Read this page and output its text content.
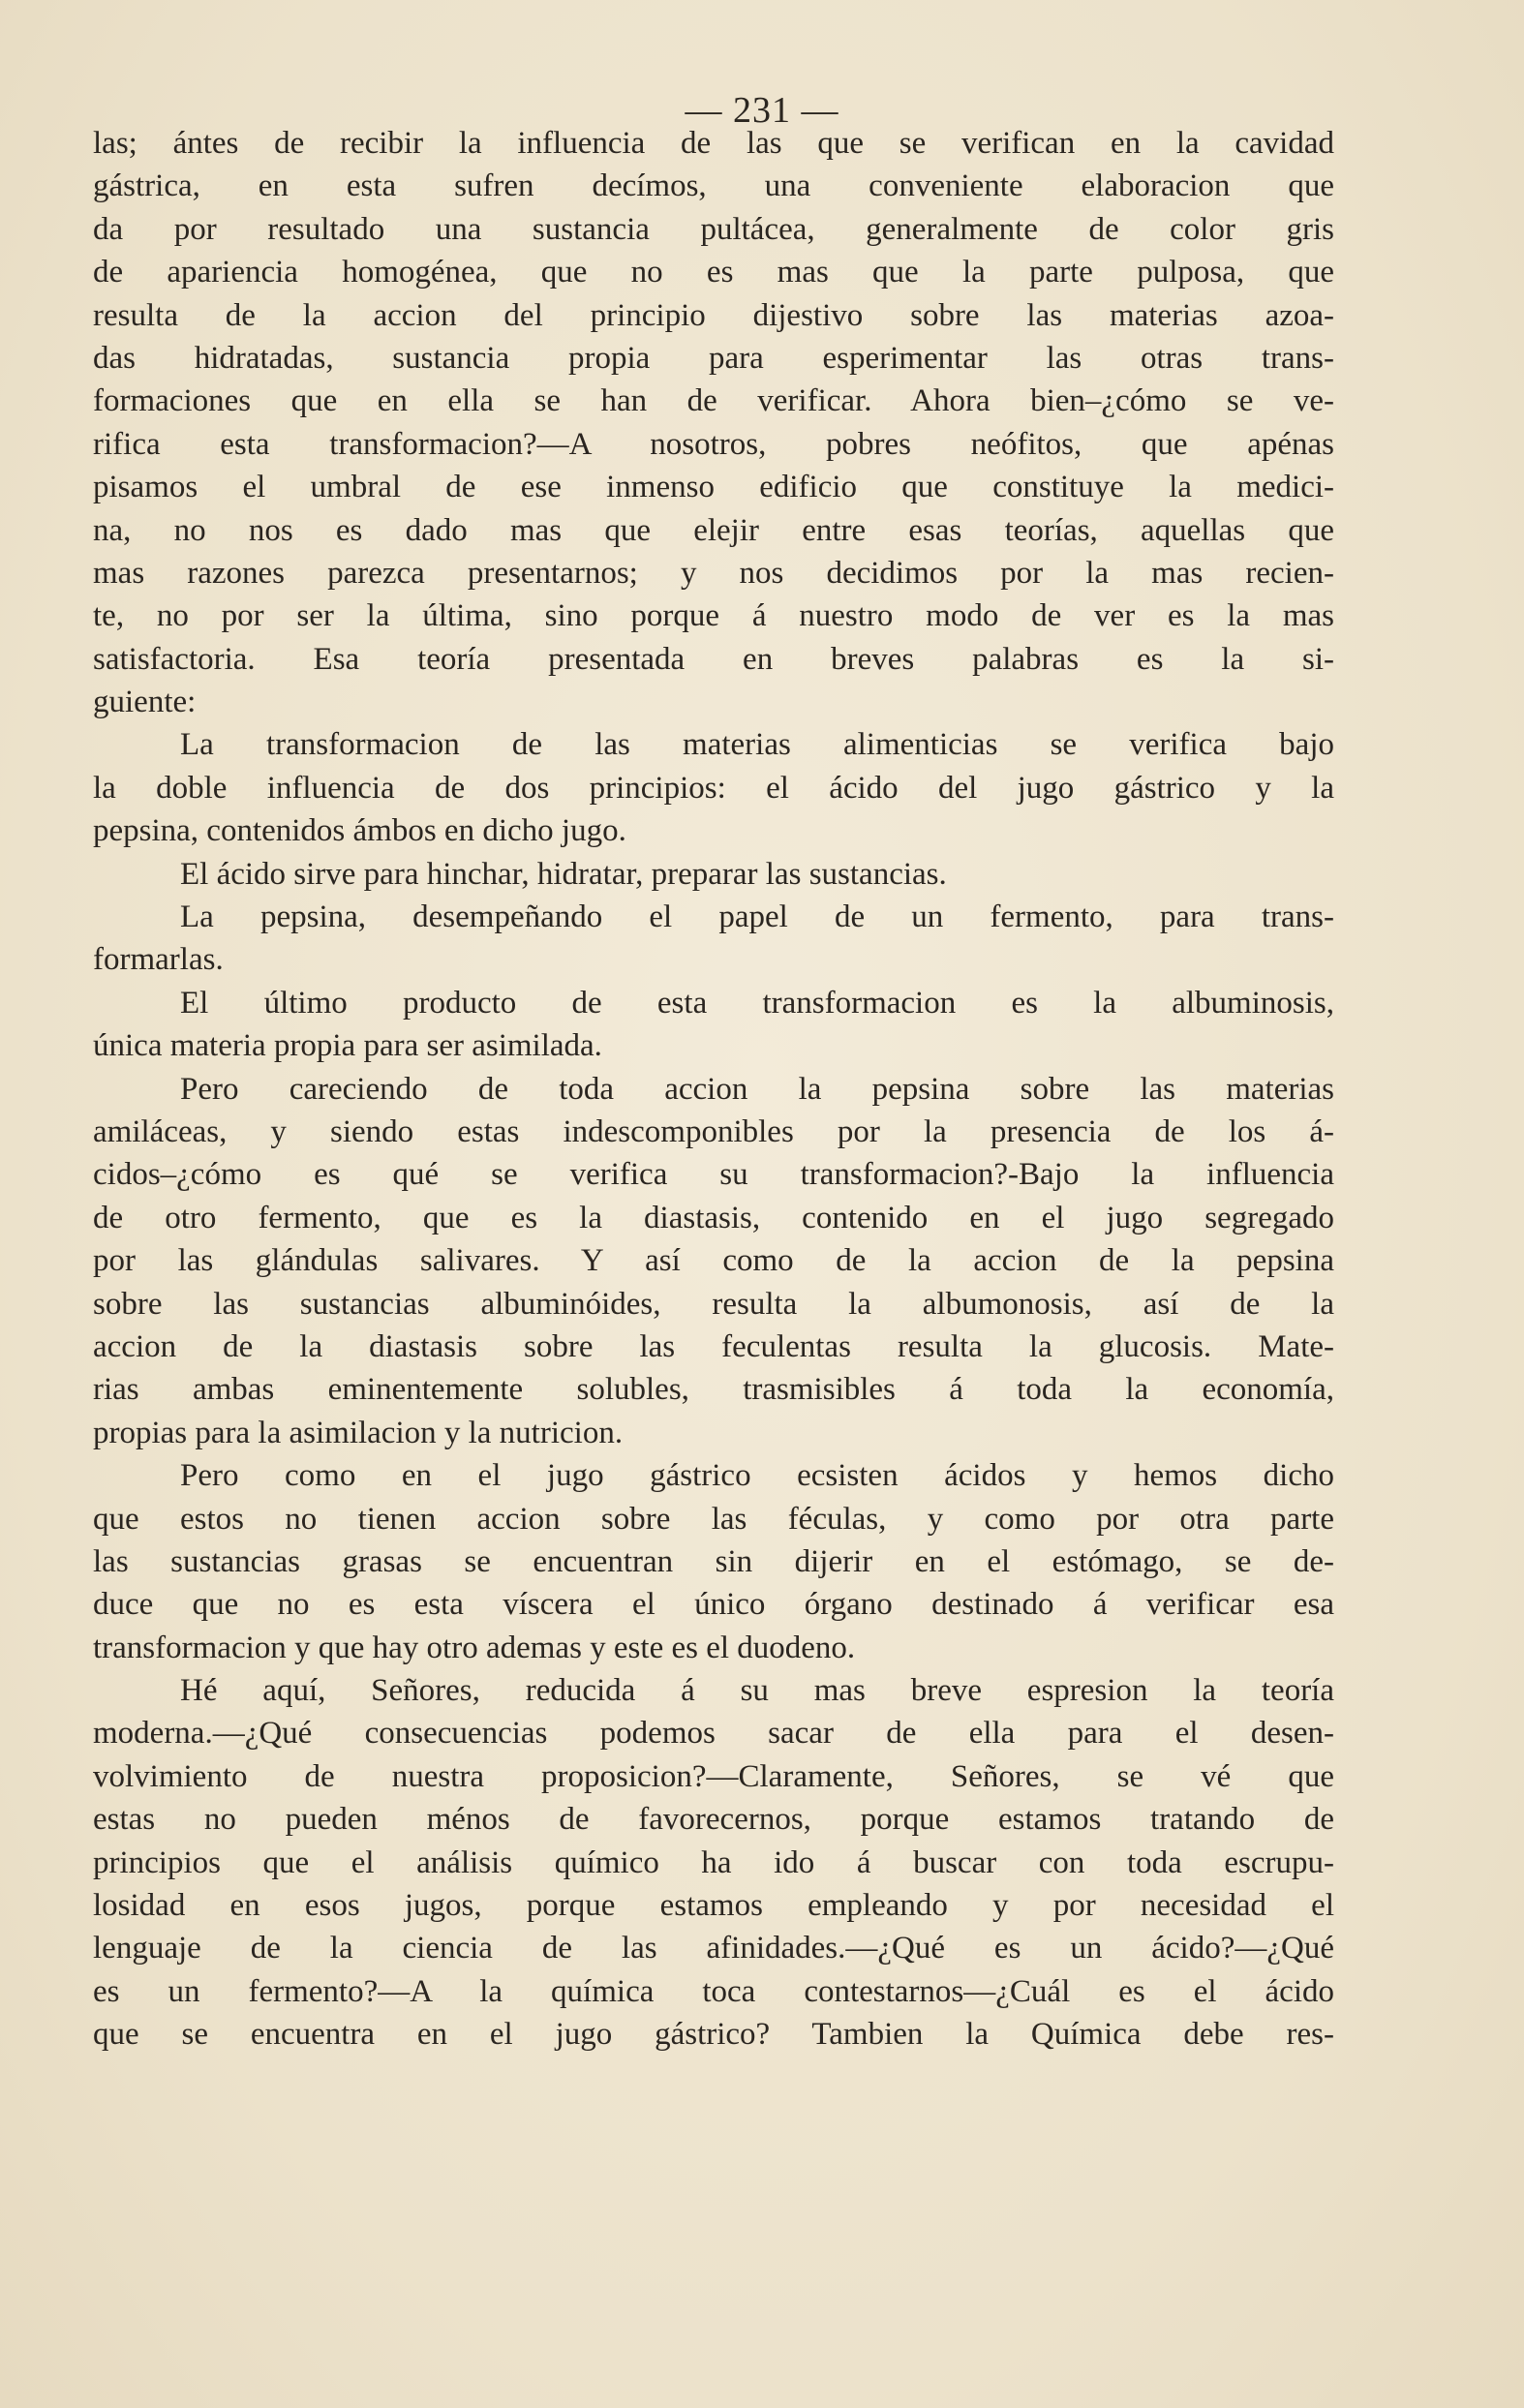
— 231 —
las; ántes de recibir la influencia de las que se verifican en la cavidad
gástrica, en esta sufren decímos, una conveniente elaboracion que
da por resultado una sustancia pultácea, generalmente de color gris
de apariencia homogénea, que no es mas que la parte pulposa, que
resulta de la accion del principio dijestivo sobre las materias azoa-
das hidratadas, sustancia propia para esperimentar las otras trans-
formaciones que en ella se han de verificar. Ahora bien–¿cómo se ve-
rifica esta transformacion?—A nosotros, pobres neófitos, que apénas
pisamos el umbral de ese inmenso edificio que constituye la medici-
na, no nos es dado mas que elejir entre esas teorías, aquellas que
mas razones parezca presentarnos; y nos decidimos por la mas recien-
te, no por ser la última, sino porque á nuestro modo de ver es la mas
satisfactoria. Esa teoría presentada en breves palabras es la si-
guiente:
La transformacion de las materias alimenticias se verifica bajo
la doble influencia de dos principios: el ácido del jugo gástrico y la
pepsina, contenidos ámbos en dicho jugo.
El ácido sirve para hinchar, hidratar, preparar las sustancias.
La pepsina, desempeñando el papel de un fermento, para trans-
formarlas.
El último producto de esta transformacion es la albuminosis,
única materia propia para ser asimilada.
Pero careciendo de toda accion la pepsina sobre las materias
amiláceas, y siendo estas indescomponibles por la presencia de los á-
cidos–¿cómo es qué se verifica su transformacion?-Bajo la influencia
de otro fermento, que es la diastasis, contenido en el jugo segregado
por las glándulas salivares. Y así como de la accion de la pepsina
sobre las sustancias albuminóides, resulta la albumonosis, así de la
accion de la diastasis sobre las feculentas resulta la glucosis. Mate-
rias ambas eminentemente solubles, trasmisibles á toda la economía,
propias para la asimilacion y la nutricion.
Pero como en el jugo gástrico ecsisten ácidos y hemos dicho
que estos no tienen accion sobre las féculas, y como por otra parte
las sustancias grasas se encuentran sin dijerir en el estómago, se de-
duce que no es esta víscera el único órgano destinado á verificar esa
transformacion y que hay otro ademas y este es el duodeno.
Hé aquí, Señores, reducida á su mas breve espresion la teoría
moderna.—¿Qué consecuencias podemos sacar de ella para el desen-
volvimiento de nuestra proposicion?—Claramente, Señores, se vé que
estas no pueden ménos de favorecernos, porque estamos tratando de
principios que el análisis químico ha ido á buscar con toda escrupu-
losidad en esos jugos, porque estamos empleando y por necesidad el
lenguaje de la ciencia de las afinidades.—¿Qué es un ácido?—¿Qué
es un fermento?—A la química toca contestarnos—¿Cuál es el ácido
que se encuentra en el jugo gástrico? Tambien la Química debe res-
